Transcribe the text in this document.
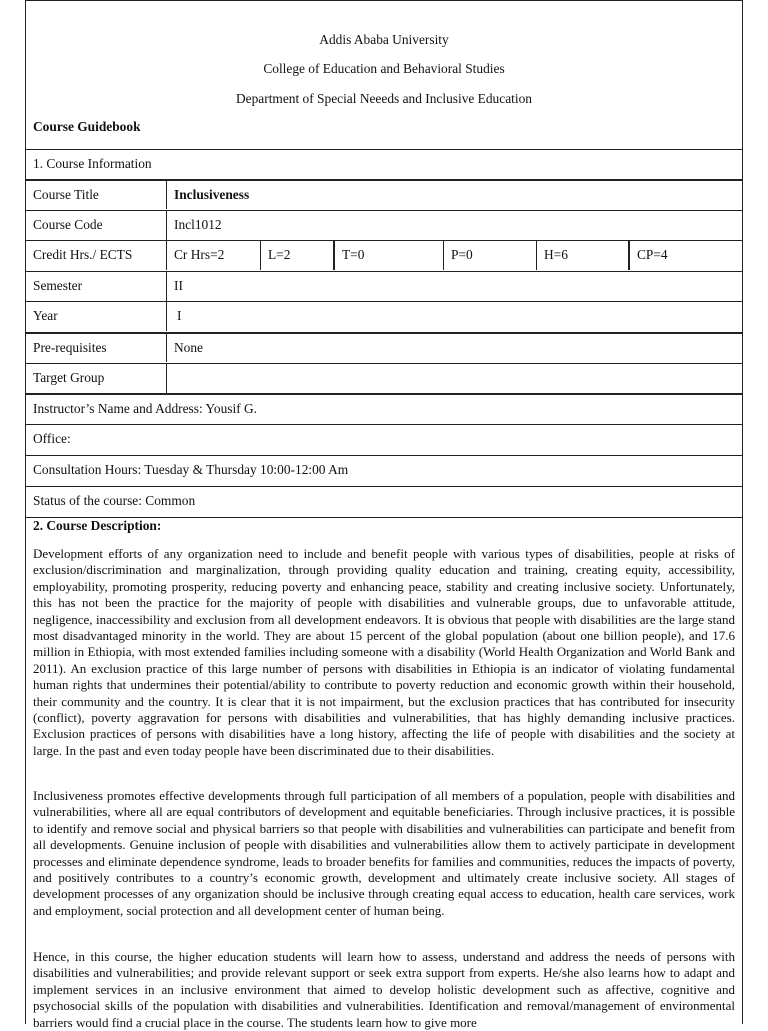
Addis Ababa University
College of Education and Behavioral Studies
Department of Special Neeeds and Inclusive Education
Course Guidebook
1. Course Information
Course Title	Inclusiveness
Course Code	Incl1012
Credit Hrs./ ECTS	Cr Hrs=2	L=2	T=0	P=0	H=6	CP=4
Semester	II
Year	I
Pre-requisites	None
Target Group
Instructor’s Name and Address: Yousif G.
Office:
Consultation Hours: Tuesday & Thursday 10:00-12:00 Am
Status of the course: Common
2. Course Description:
Development efforts of any organization need to include and benefit people with various types of disabilities, people at risks of exclusion/discrimination and marginalization, through providing quality education and training, creating equity, accessibility, employability, promoting prosperity, reducing poverty and enhancing peace, stability and creating inclusive society. Unfortunately, this has not been the practice for the majority of people with disabilities and vulnerable groups, due to unfavorable attitude, negligence, inaccessibility and exclusion from all development endeavors. It is obvious that people with disabilities are the large stand most disadvantaged minority in the world. They are about 15 percent of the global population (about one billion people), and 17.6 million in Ethiopia, with most extended families including someone with a disability (World Health Organization and World Bank and 2011). An exclusion practice of this large number of persons with disabilities in Ethiopia is an indicator of violating fundamental human rights that undermines their potential/ability to contribute to poverty reduction and economic growth within their household, their community and the country. It is clear that it is not impairment, but the exclusion practices that has contributed for insecurity (conflict), poverty aggravation for persons with disabilities and vulnerabilities, that has highly demanding inclusive practices. Exclusion practices of persons with disabilities have a long history, affecting the life of people with disabilities and the society at large. In the past and even today people have been discriminated due to their disabilities.
Inclusiveness promotes effective developments through full participation of all members of a population, people with disabilities and vulnerabilities, where all are equal contributors of development and equitable beneficiaries. Through inclusive practices, it is possible to identify and remove social and physical barriers so that people with disabilities and vulnerabilities can participate and benefit from all developments. Genuine inclusion of people with disabilities and vulnerabilities allow them to actively participate in development processes and eliminate dependence syndrome, leads to broader benefits for families and communities, reduces the impacts of poverty, and positively contributes to a country’s economic growth, development and ultimately create inclusive society. All stages of development processes of any organization should be inclusive through creating equal access to education, health care services, work and employment, social protection and all development center of human being.
Hence, in this course, the higher education students will learn how to assess, understand and address the needs of persons with disabilities and vulnerabilities; and provide relevant support or seek extra support from experts. He/she also learns how to adapt and implement services in an inclusive environment that aimed to develop holistic development such as affective, cognitive and psychosocial skills of the population with disabilities and vulnerabilities. Identification and removal/management of environmental barriers would find a crucial place in the course. The students learn how to give more
